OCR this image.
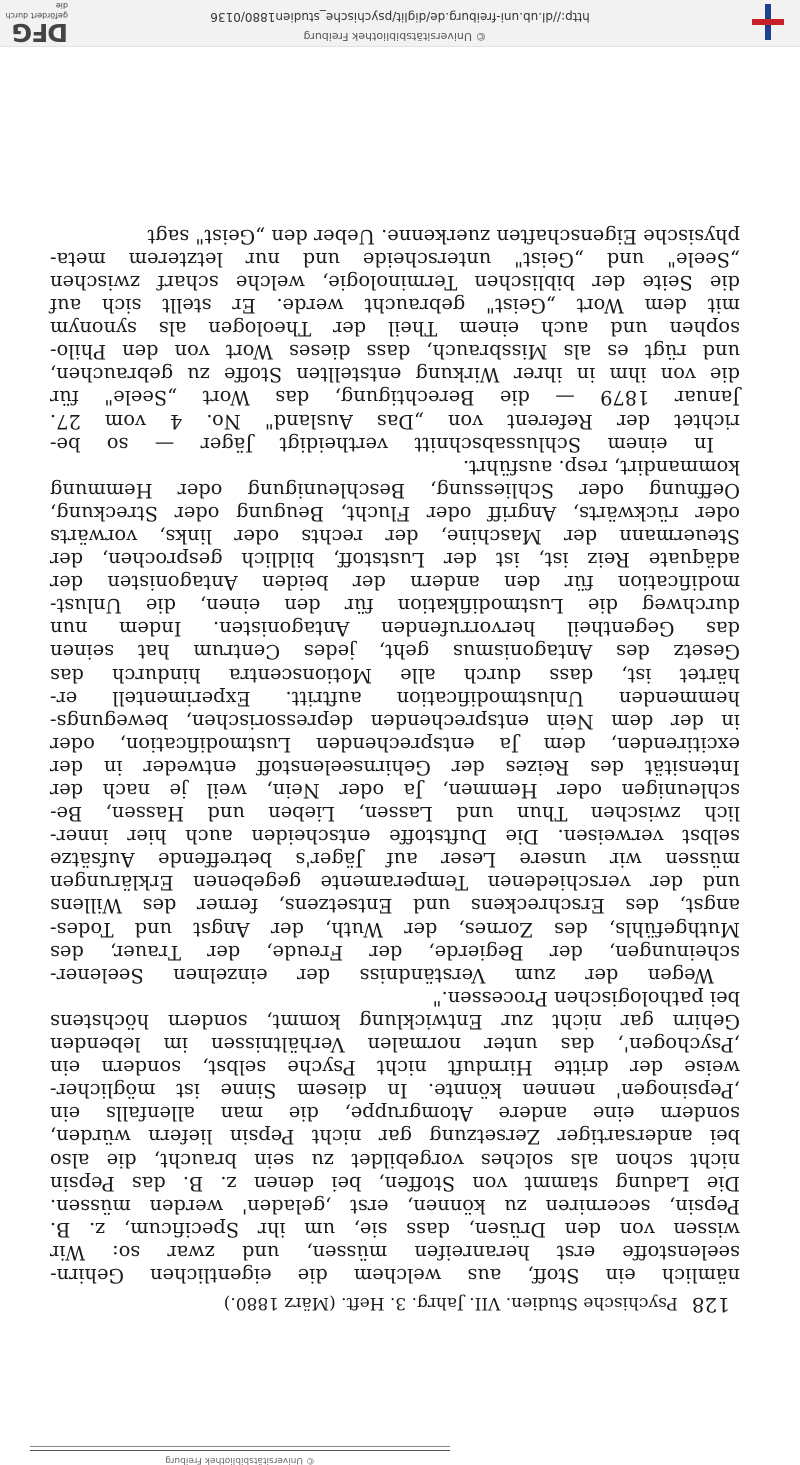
© Universitätsbibliothek Freiburg
128
Psychische Studien. VII. Jahrg. 3. Heft. (März 1880.)

nämlich ein Stoff, aus welchem die eigentlichen Gehirn-
seelenstoffe erst heranreifen müssen, und zwar so: Wir
wissen von den Drüsen, dass sie, um ihr Specificum, z. B.
Pepsin, secerniren zu können, erst ‚geladen' werden müssen.
Die Ladung stammt von Stoffen, bei denen z. B. das Pepsin
nicht schon als solches vorgebildet zu sein braucht, die also
bei andersartiger Zersetzung gar nicht Pepsin liefern würden,
sondern eine andere Atomgruppe, die man allenfalls ein
‚Pepsinogen' nennen könnte. In diesem Sinne ist möglicher-
weise der dritte Hirnduft nicht Psyche selbst, sondern ein
‚Psychogen', das unter normalen Verhältnissen im lebenden
Gehirn gar nicht zur Entwicklung kommt, sondern höchstens
bei pathologischen Processen."

Wegen der zum Verständniss der einzelnen Seelener-
scheinungen, der Begierde, der Freude, der Trauer, des
Muthgefühls, des Zornes, der Wuth, der Angst und Todes-
angst, des Erschreckens und Entsetzens, ferner des Willens
und der verschiedenen Temperamente gegebenen Erklärungen
müssen wir unsere Leser auf Jäger's betreffende Aufsätze
selbst verweisen. Die Duftstoffe entscheiden auch hier inner-
lich zwischen Thun und Lassen, Lieben und Hassen, Be-
schleunigen oder Hemmen, Ja oder Nein, weil je nach der
Intensität des Reizes der Gehirnseelenstoff entweder in der
excitirenden, dem Ja entsprechenden Lustmodification, oder
in der dem Nein entsprechenden depressorischen, bewegungs-
hemmenden Unlustmodification auftritt. Experimentell er-
härtet ist, dass durch alle Motionscentra hindurch das
Gesetz des Antagonismus geht, jedes Centrum hat seinen
das Gegentheil hervorrufenden Antagonisten. Indem nun
durchweg die Lustmodifikation für den einen, die Unlust-
modification für den andern der beiden Antagonisten der
adäquate Reiz ist, ist der Luststoff, bildlich gesprochen, der
Steuermann der Maschine, der rechts oder links, vorwärts
oder rückwärts, Angriff oder Flucht, Beugung oder Streckung,
Oeffnung oder Schliessung, Beschleunigung oder Hemmung
kommandirt, resp. ausführt.

In einem Schlussabschnitt vertheidigt Jäger — so be-
richtet der Referent von „Das Ausland" No. 4 vom 27.
Januar 1879 — die Berechtigung, das Wort „Seele" für
die von ihm in ihrer Wirkung entstellten Stoffe zu gebrauchen,
und rügt es als Missbrauch, dass dieses Wort von den Philo-
sophen und auch einem Theil der Theologen als synonym
mit dem Wort „Geist" gebraucht werde. Er stellt sich auf
die Seite der biblischen Terminologie, welche scharf zwischen
„Seele" und „Geist" unterscheide und nur letzterem meta-
physische Eigenschaften zuerkenne. Ueber den „Geist" sagt

http://dl.ub.uni-freiburg.de/diglit/psychische_studien1880/0136
© Universitätsbibliothek Freiburg
DFG
gefördert durch die
